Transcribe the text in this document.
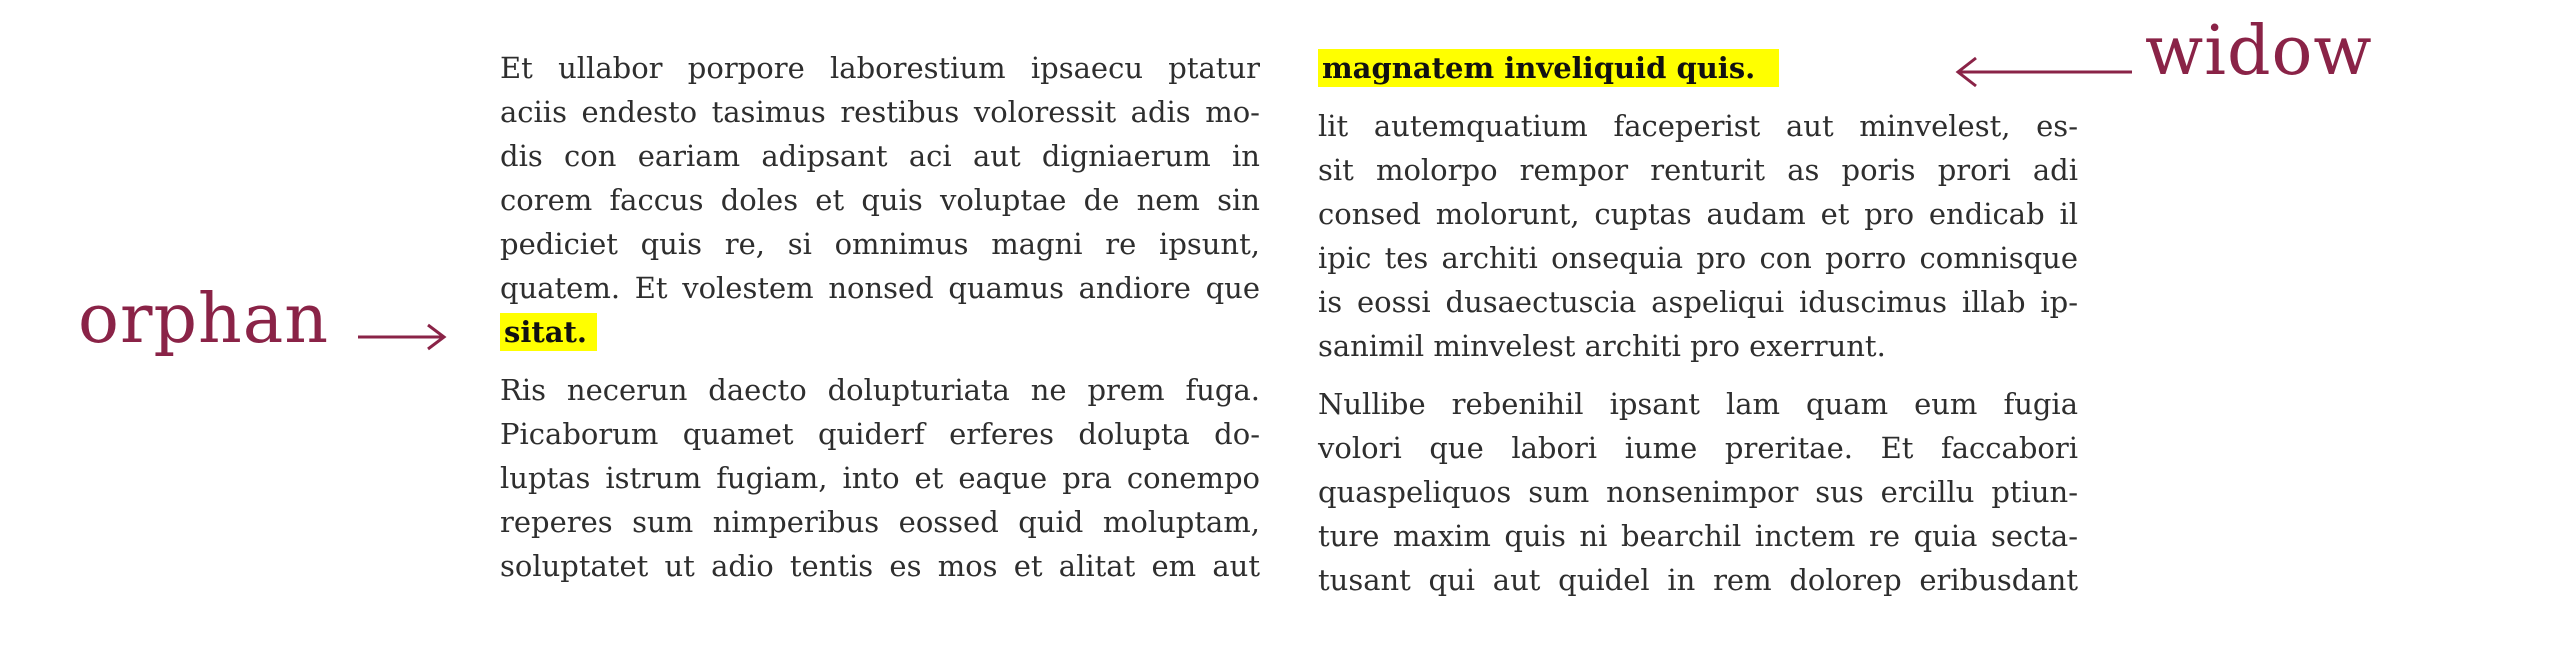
orphan
widow
Et ullabor porpore laborestium ipsaecu ptatur
aciis endesto tasimus restibus voloressit adis mo-
dis con eariam adipsant aci aut digniaerum in
corem faccus doles et quis voluptae de nem sin
pediciet quis re, si omnimus magni re ipsunt,
quatem. Et volestem nonsed quamus andiore que
sitat.
Ris necerun daecto dolupturiata ne prem fuga.
Picaborum quamet quiderf erferes dolupta do-
luptas istrum fugiam, into et eaque pra conempo
reperes sum nimperibus eossed quid moluptam,
soluptatet ut adio tentis es mos et alitat em aut
magnatem inveliquid quis.
lit autemquatium faceperist aut minvelest, es-
sit molorpo rempor renturit as poris prori adi
consed molorunt, cuptas audam et pro endicab il
ipic tes architi onsequia pro con porro comnisque
is eossi dusaectuscia aspeliqui iduscimus illab ip-
sanimil minvelest architi pro exerrunt.
Nullibe rebenihil ipsant lam quam eum fugia
volori que labori iume preritae. Et faccabori
quaspeliquos sum nonsenimpor sus ercillu ptiun-
ture maxim quis ni bearchil inctem re quia secta-
tusant qui aut quidel in rem dolorep eribusdant
